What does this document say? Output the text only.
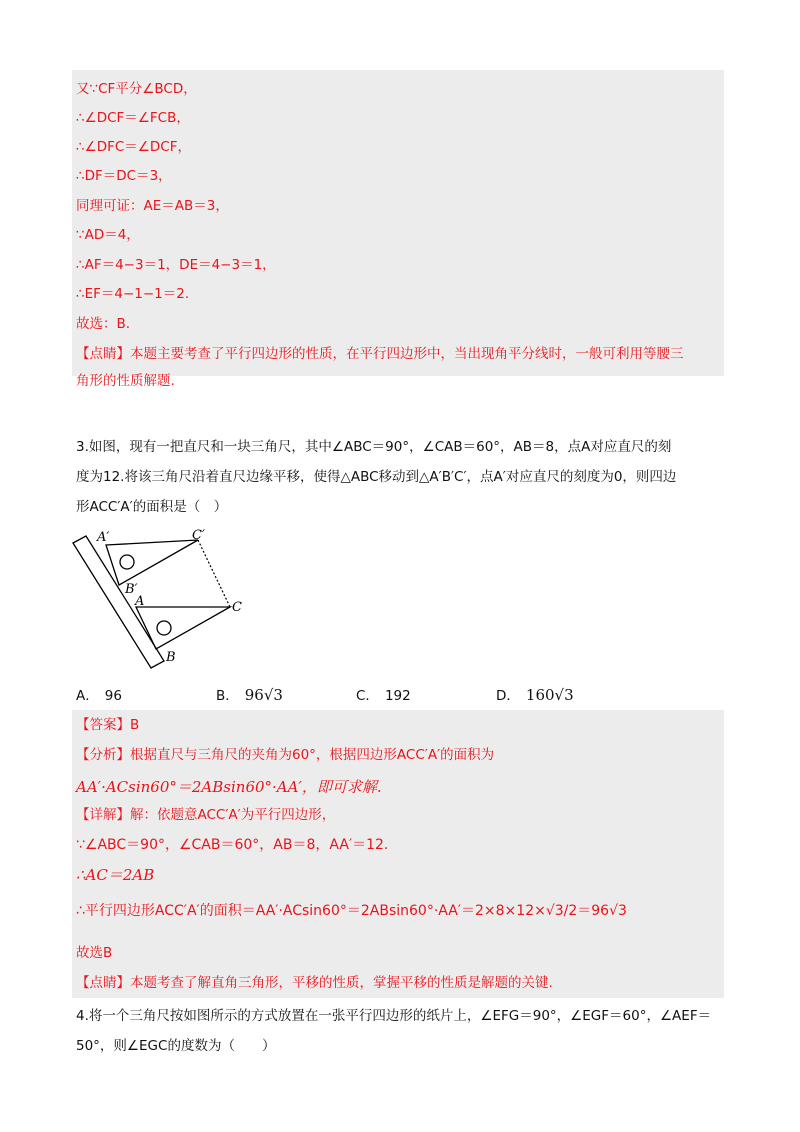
又∵CF平分∠BCD，
∴∠DCF＝∠FCB，
∴∠DFC＝∠DCF，
∴DF＝DC＝3，
同理可证：AE＝AB＝3，
∵AD＝4，
∴AF＝4−3＝1，DE＝4−3＝1，
∴EF＝4−1−1＝2.
故选：B.
【点睛】本题主要考查了平行四边形的性质，在平行四边形中，当出现角平分线时，一般可利用等腰三
角形的性质解题.
3.如图，现有一把直尺和一块三角尺，其中∠ABC＝90°，∠CAB＝60°，AB＝8，点A对应直尺的刻
度为12.将该三角尺沿着直尺边缘平移，使得△ABC移动到△A′B′C′，点A′对应直尺的刻度为0，则四边
形ACC′A′的面积是（　）
A′	C′
B′
A	C
B
A． 96	B． 96√3	C． 192	D． 160√3
【答案】B
【分析】根据直尺与三角尺的夹角为60°，根据四边形ACC′A′的面积为
AA′·ACsin60°＝2ABsin60°·AA′，即可求解.
【详解】解：依题意ACC′A′为平行四边形，
∵∠ABC＝90°，∠CAB＝60°，AB＝8，AA′＝12.
∴AC＝2AB
∴平行四边形ACC′A′的面积＝AA′·ACsin60°＝2ABsin60°·AA′＝2×8×12×√3/2＝96√3
故选B
【点睛】本题考查了解直角三角形，平移的性质，掌握平移的性质是解题的关键.
4.将一个三角尺按如图所示的方式放置在一张平行四边形的纸片上，∠EFG＝90°，∠EGF＝60°，∠AEF＝
50°，则∠EGC的度数为（　　）
